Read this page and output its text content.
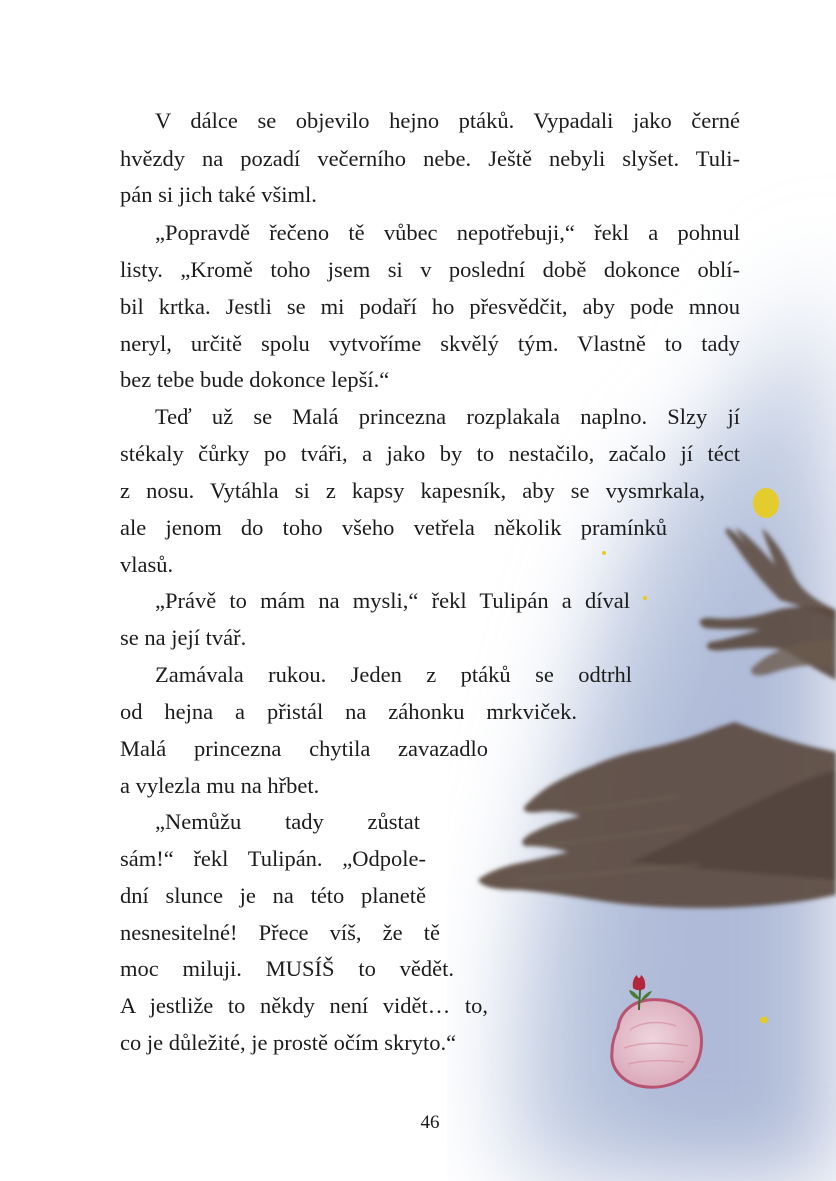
V dálce se objevilo hejno ptáků. Vypadali jako černé
hvězdy na pozadí večerního nebe. Ještě nebyli slyšet. Tuli-
pán si jich také všiml.
„Popravdě řečeno tě vůbec nepotřebuji,“ řekl a pohnul
listy. „Kromě toho jsem si v poslední době dokonce oblí-
bil krtka. Jestli se mi podaří ho přesvědčit, aby pode mnou
neryl, určitě spolu vytvoříme skvělý tým. Vlastně to tady
bez tebe bude dokonce lepší.“
Teď už se Malá princezna rozplakala naplno. Slzy jí
stékaly čůrky po tváři, a jako by to nestačilo, začalo jí téct
z nosu. Vytáhla si z kapsy kapesník, aby se vysmrkala,
ale jenom do toho všeho vetřela několik pramínků
vlasů.
„Právě to mám na mysli,“ řekl Tulipán a díval
se na její tvář.
Zamávala rukou. Jeden z ptáků se odtrhl
od hejna a přistál na záhonku mrkviček.
Malá princezna chytila zavazadlo
a vylezla mu na hřbet.
„Nemůžu tady zůstat
sám!“ řekl Tulipán. „Odpole-
dní slunce je na této planetě
nesnesitelné! Přece víš, že tě
moc miluji. MUSÍŠ to vědět.
A jestliže to někdy není vidět… to,
co je důležité, je prostě očím skryto.“
46
